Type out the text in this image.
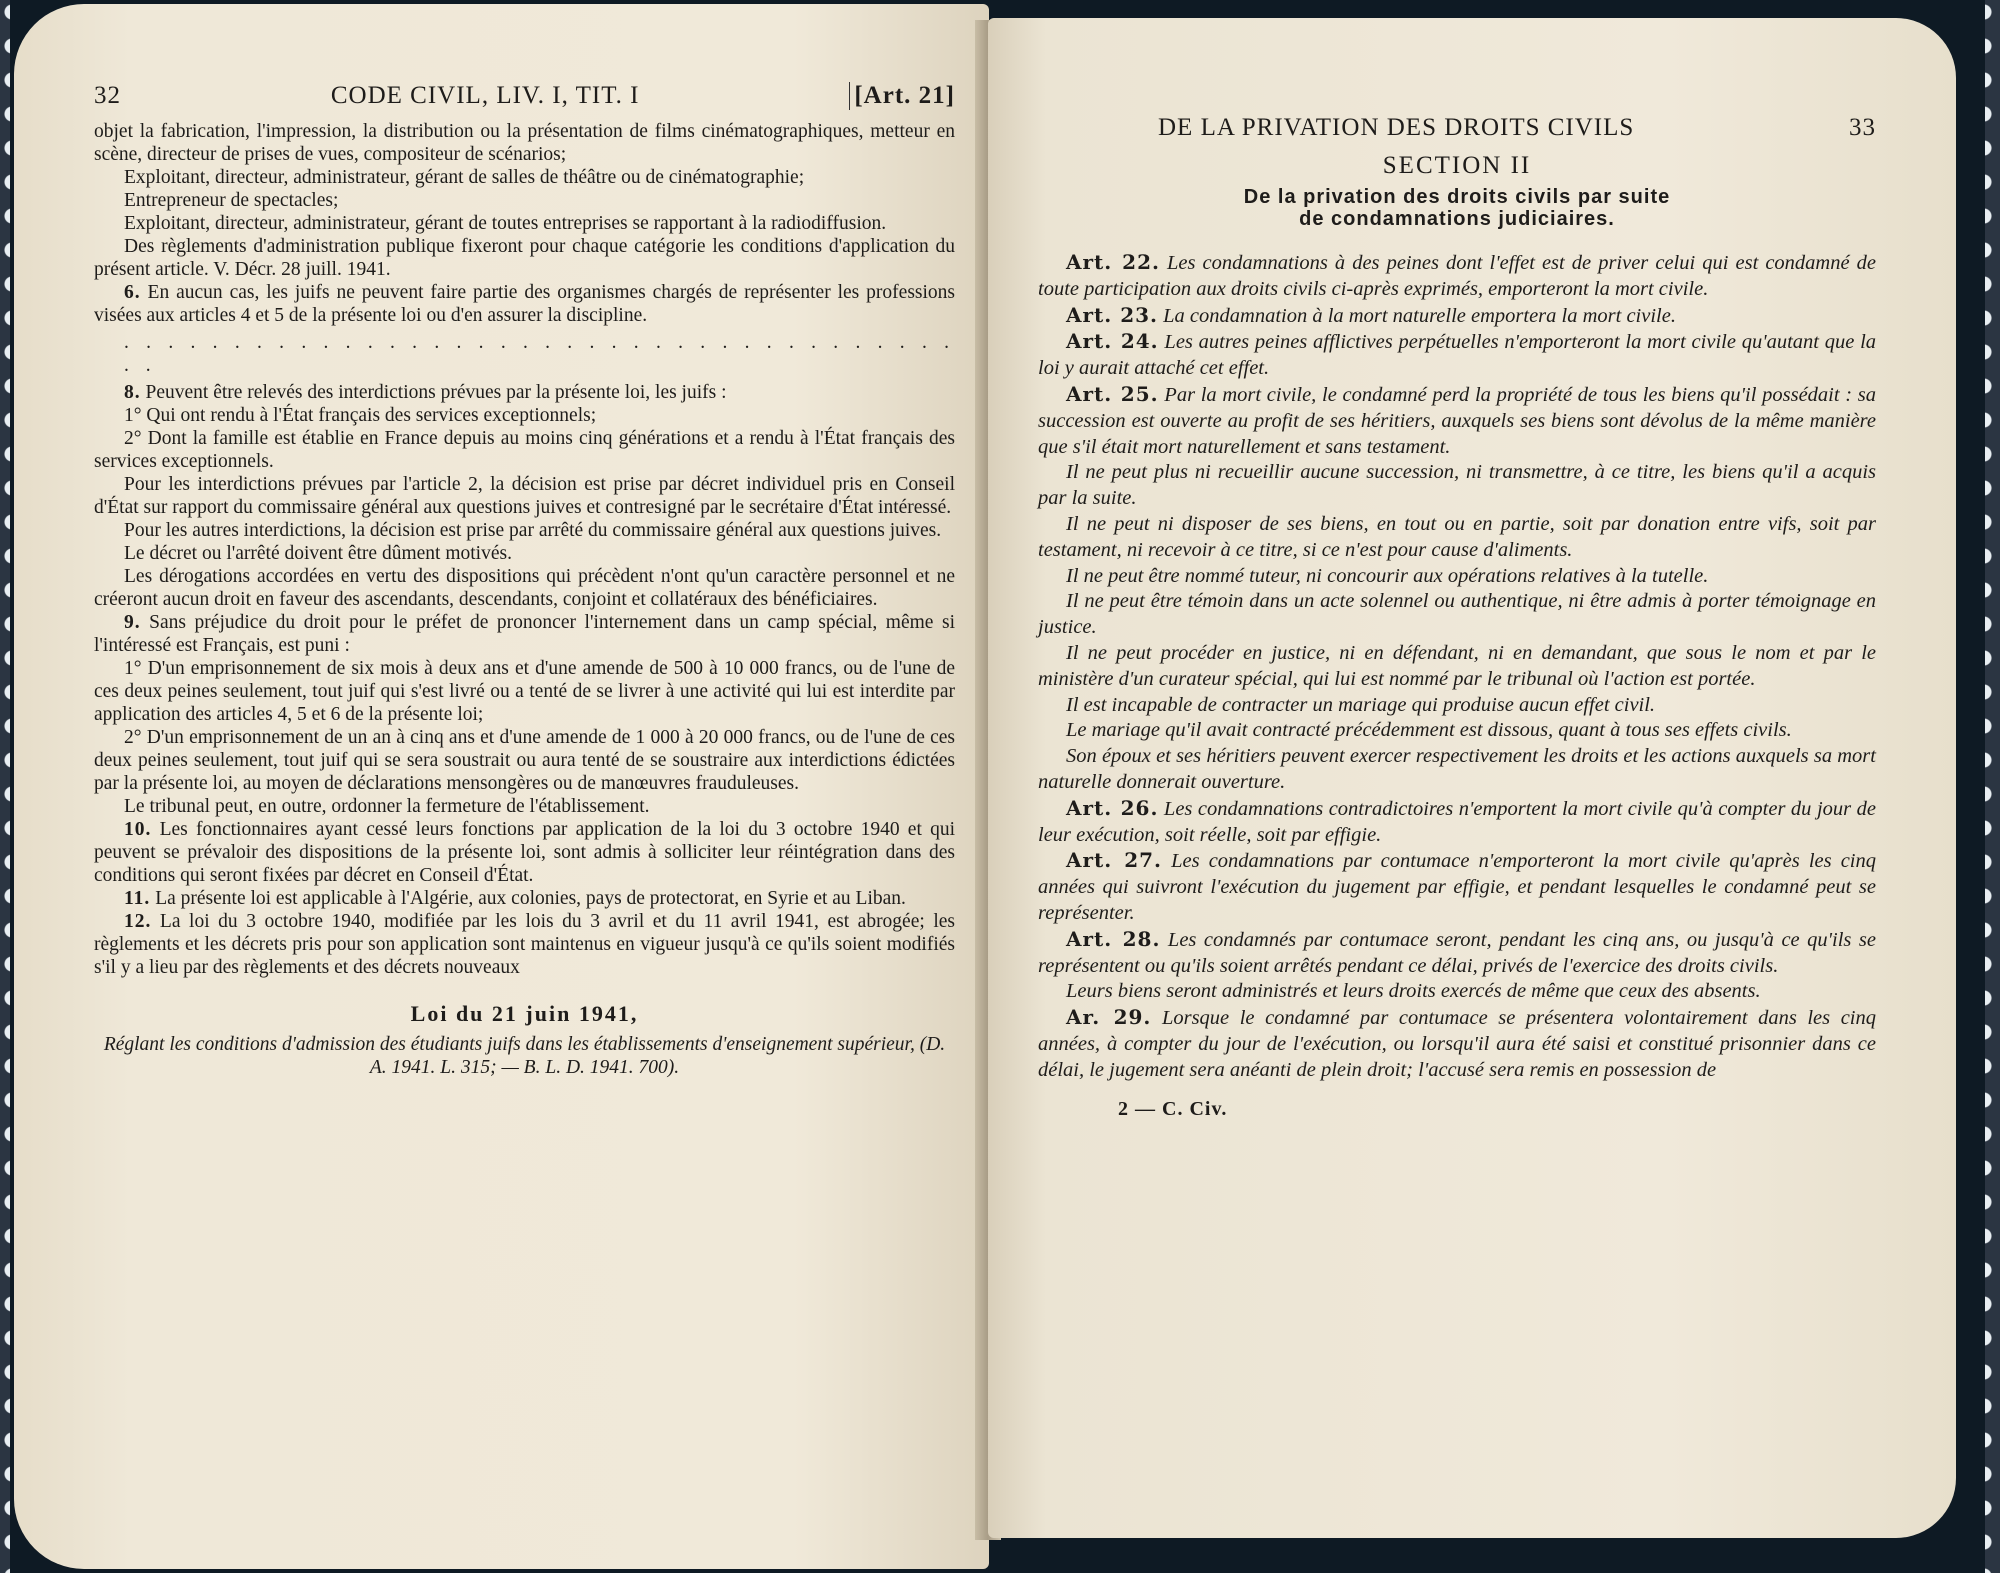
32	CODE CIVIL, LIV. I, TIT. I	[Art. 21]

objet la fabrication, l'impression, la distribution ou la présentation de films cinématographiques, metteur en scène, directeur de prises de vues, compositeur de scénarios;

Exploitant, directeur, administrateur, gérant de salles de théâtre ou de cinématographie;

Entrepreneur de spectacles;

Exploitant, directeur, administrateur, gérant de toutes entreprises se rapportant à la radiodiffusion.

Des règlements d'administration publique fixeront pour chaque catégorie les conditions d'application du présent article. V. Décr. 28 juill. 1941.

6. En aucun cas, les juifs ne peuvent faire partie des organismes chargés de représenter les professions visées aux articles 4 et 5 de la présente loi ou d'en assurer la discipline.

. . . . . . . . . . . . . . . . . . . . . . . . . . . . . . . . . . . . . . . .

8. Peuvent être relevés des interdictions prévues par la présente loi, les juifs :

1° Qui ont rendu à l'État français des services exceptionnels;

2° Dont la famille est établie en France depuis au moins cinq générations et a rendu à l'État français des services exceptionnels.

Pour les interdictions prévues par l'article 2, la décision est prise par décret individuel pris en Conseil d'État sur rapport du commissaire général aux questions juives et contresigné par le secrétaire d'État intéressé.

Pour les autres interdictions, la décision est prise par arrêté du commissaire général aux questions juives.

Le décret ou l'arrêté doivent être dûment motivés.

Les dérogations accordées en vertu des dispositions qui précèdent n'ont qu'un caractère personnel et ne créeront aucun droit en faveur des ascendants, descendants, conjoint et collatéraux des bénéficiaires.

9. Sans préjudice du droit pour le préfet de prononcer l'internement dans un camp spécial, même si l'intéressé est Français, est puni :

1° D'un emprisonnement de six mois à deux ans et d'une amende de 500 à 10 000 francs, ou de l'une de ces deux peines seulement, tout juif qui s'est livré ou a tenté de se livrer à une activité qui lui est interdite par application des articles 4, 5 et 6 de la présente loi;

2° D'un emprisonnement de un an à cinq ans et d'une amende de 1 000 à 20 000 francs, ou de l'une de ces deux peines seulement, tout juif qui se sera soustrait ou aura tenté de se soustraire aux interdictions édictées par la présente loi, au moyen de déclarations mensongères ou de manœuvres frauduleuses.

Le tribunal peut, en outre, ordonner la fermeture de l'établissement.

10. Les fonctionnaires ayant cessé leurs fonctions par application de la loi du 3 octobre 1940 et qui peuvent se prévaloir des dispositions de la présente loi, sont admis à solliciter leur réintégration dans des conditions qui seront fixées par décret en Conseil d'État.

11. La présente loi est applicable à l'Algérie, aux colonies, pays de protectorat, en Syrie et au Liban.

12. La loi du 3 octobre 1940, modifiée par les lois du 3 avril et du 11 avril 1941, est abrogée; les règlements et les décrets pris pour son application sont maintenus en vigueur jusqu'à ce qu'ils soient modifiés s'il y a lieu par des règlements et des décrets nouveaux

Loi du 21 juin 1941,
Réglant les conditions d'admission des étudiants juifs dans les établissements d'enseignement supérieur, (D. A. 1941. L. 315; — B. L. D. 1941. 700).
DE LA PRIVATION DES DROITS CIVILS	33
SECTION II
De la privation des droits civils par suite
de condamnations judiciaires.

Art. 22. Les condamnations à des peines dont l'effet est de priver celui qui est condamné de toute participation aux droits civils ci-après exprimés, emporteront la mort civile.

Art. 23. La condamnation à la mort naturelle emportera la mort civile.

Art. 24. Les autres peines afflictives perpétuelles n'emporteront la mort civile qu'autant que la loi y aurait attaché cet effet.

Art. 25. Par la mort civile, le condamné perd la propriété de tous les biens qu'il possédait : sa succession est ouverte au profit de ses héritiers, auxquels ses biens sont dévolus de la même manière que s'il était mort naturellement et sans testament.

Il ne peut plus ni recueillir aucune succession, ni transmettre, à ce titre, les biens qu'il a acquis par la suite.

Il ne peut ni disposer de ses biens, en tout ou en partie, soit par donation entre vifs, soit par testament, ni recevoir à ce titre, si ce n'est pour cause d'aliments.

Il ne peut être nommé tuteur, ni concourir aux opérations relatives à la tutelle.

Il ne peut être témoin dans un acte solennel ou authentique, ni être admis à porter témoignage en justice.

Il ne peut procéder en justice, ni en défendant, ni en demandant, que sous le nom et par le ministère d'un curateur spécial, qui lui est nommé par le tribunal où l'action est portée.

Il est incapable de contracter un mariage qui produise aucun effet civil.

Le mariage qu'il avait contracté précédemment est dissous, quant à tous ses effets civils.

Son époux et ses héritiers peuvent exercer respectivement les droits et les actions auxquels sa mort naturelle donnerait ouverture.

Art. 26. Les condamnations contradictoires n'emportent la mort civile qu'à compter du jour de leur exécution, soit réelle, soit par effigie.

Art. 27. Les condamnations par contumace n'emporteront la mort civile qu'après les cinq années qui suivront l'exécution du jugement par effigie, et pendant lesquelles le condamné peut se représenter.

Art. 28. Les condamnés par contumace seront, pendant les cinq ans, ou jusqu'à ce qu'ils se représentent ou qu'ils soient arrêtés pendant ce délai, privés de l'exercice des droits civils.

Leurs biens seront administrés et leurs droits exercés de même que ceux des absents.

Ar. 29. Lorsque le condamné par contumace se présentera volontairement dans les cinq années, à compter du jour de l'exécution, ou lorsqu'il aura été saisi et constitué prisonnier dans ce délai, le jugement sera anéanti de plein droit; l'accusé sera remis en possession de

2 — C. Civ.
